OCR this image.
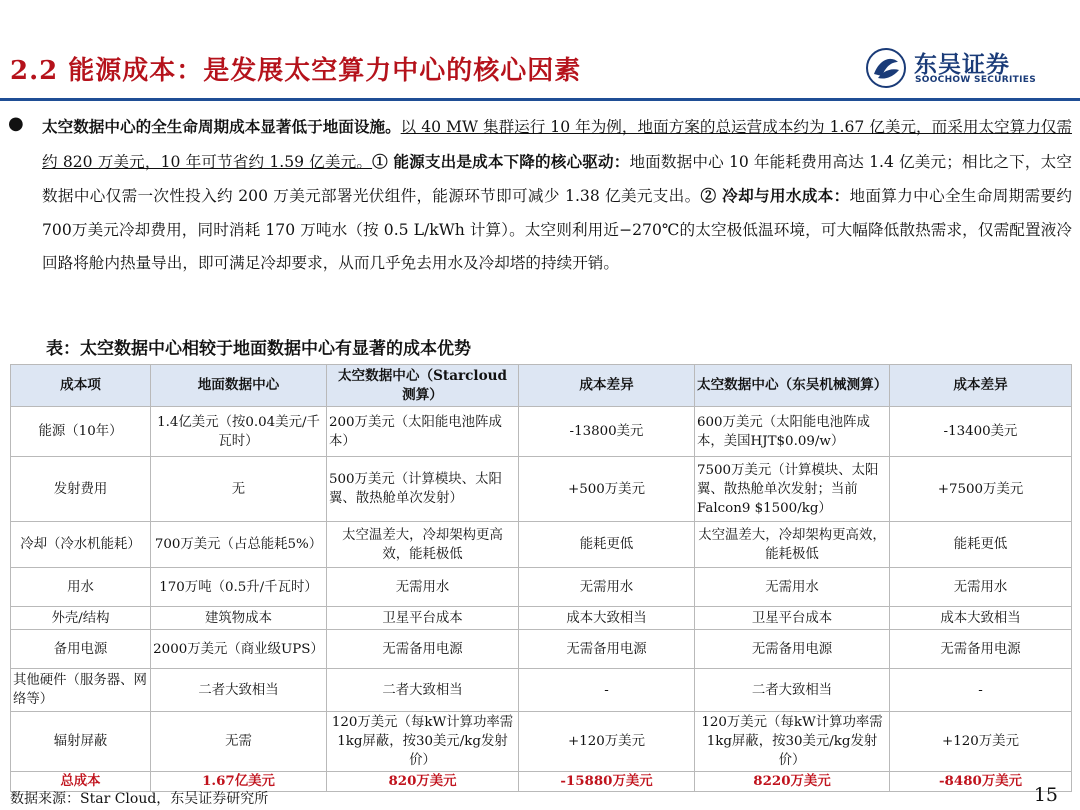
2.2 能源成本：是发展太空算力中心的核心因素	东吴证券
SOOCHOW SECURITIES
● 太空数据中心的全生命周期成本显著低于地面设施。以 40 MW 集群运行 10 年为例，地面方案的总运营成本约为 1.67 亿美元，而采用太空算力仅需约 820 万美元，10 年可节省约 1.59 亿美元。① 能源支出是成本下降的核心驱动：地面数据中心 10 年能耗费用高达 1.4 亿美元；相比之下，太空数据中心仅需一次性投入约 200 万美元部署光伏组件，能源环节即可减少 1.38 亿美元支出。② 冷却与用水成本：地面算力中心全生命周期需要约700万美元冷却费用，同时消耗 170 万吨水（按 0.5 L/kWh 计算）。太空则利用近−270℃的太空极低温环境，可大幅降低散热需求，仅需配置液冷回路将舱内热量导出，即可满足冷却要求，从而几乎免去用水及冷却塔的持续开销。
表：太空数据中心相较于地面数据中心有显著的成本优势
成本项	地面数据中心	太空数据中心（Starcloud 测算）	成本差异	太空数据中心（东吴机械测算）	成本差异
能源（10年）	1.4亿美元（按0.04美元/千瓦时）	200万美元（太阳能电池阵成本）	-13800美元	600万美元（太阳能电池阵成本，美国HJT$0.09/w）	-13400美元
发射费用	无	500万美元（计算模块、太阳翼、散热舱单次发射）	+500万美元	7500万美元（计算模块、太阳翼、散热舱单次发射；当前Falcon9 $1500/kg）	+7500万美元
冷却（冷水机能耗）	700万美元（占总能耗5%）	太空温差大，冷却架构更高效，能耗极低	能耗更低	太空温差大，冷却架构更高效，能耗极低	能耗更低
用水	170万吨（0.5升/千瓦时）	无需用水	无需用水	无需用水	无需用水
外壳/结构	建筑物成本	卫星平台成本	成本大致相当	卫星平台成本	成本大致相当
备用电源	2000万美元（商业级UPS）	无需备用电源	无需备用电源	无需备用电源	无需备用电源
其他硬件（服务器、网络等）	二者大致相当	二者大致相当	-	二者大致相当	-
辐射屏蔽	无需	120万美元（每kW计算功率需1kg屏蔽，按30美元/kg发射价）	+120万美元	120万美元（每kW计算功率需1kg屏蔽，按30美元/kg发射价）	+120万美元
总成本	1.67亿美元	820万美元	-15880万美元	8220万美元	-8480万美元
数据来源：Star Cloud，东吴证券研究所	15
